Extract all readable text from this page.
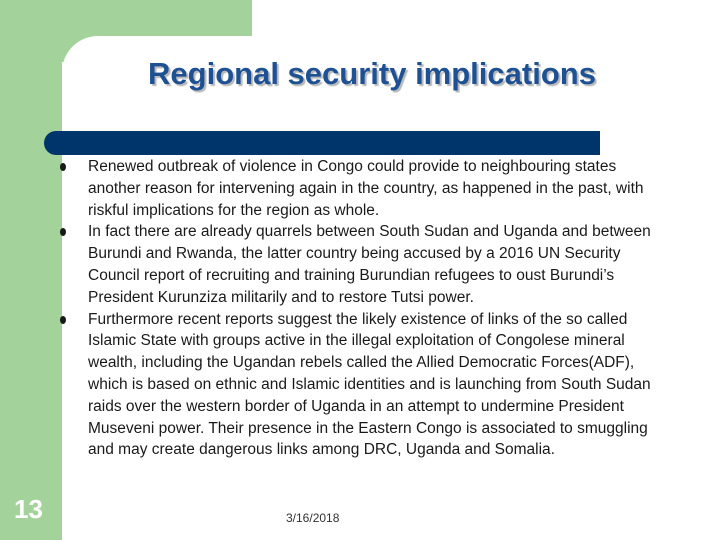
Regional security implications
Renewed outbreak of violence in Congo could provide to neighbouring states another reason for intervening again in the country, as happened in the past, with riskful implications for the region as whole.
In fact there are already quarrels between South Sudan and Uganda and between Burundi and Rwanda, the latter country being accused by a 2016 UN Security Council report of recruiting and training Burundian refugees to oust Burundi’s President Kurunziza militarily and to restore Tutsi power.
Furthermore recent reports suggest the likely existence of links of the so called Islamic State with groups active in the illegal exploitation of Congolese mineral wealth, including the Ugandan rebels called the Allied Democratic Forces(ADF), which is based on ethnic and Islamic identities and is launching from South Sudan raids over the western border of Uganda in an attempt to undermine President Museveni power. Their presence in the Eastern Congo is associated to smuggling and may create dangerous links among DRC, Uganda and Somalia.
13	3/16/2018
